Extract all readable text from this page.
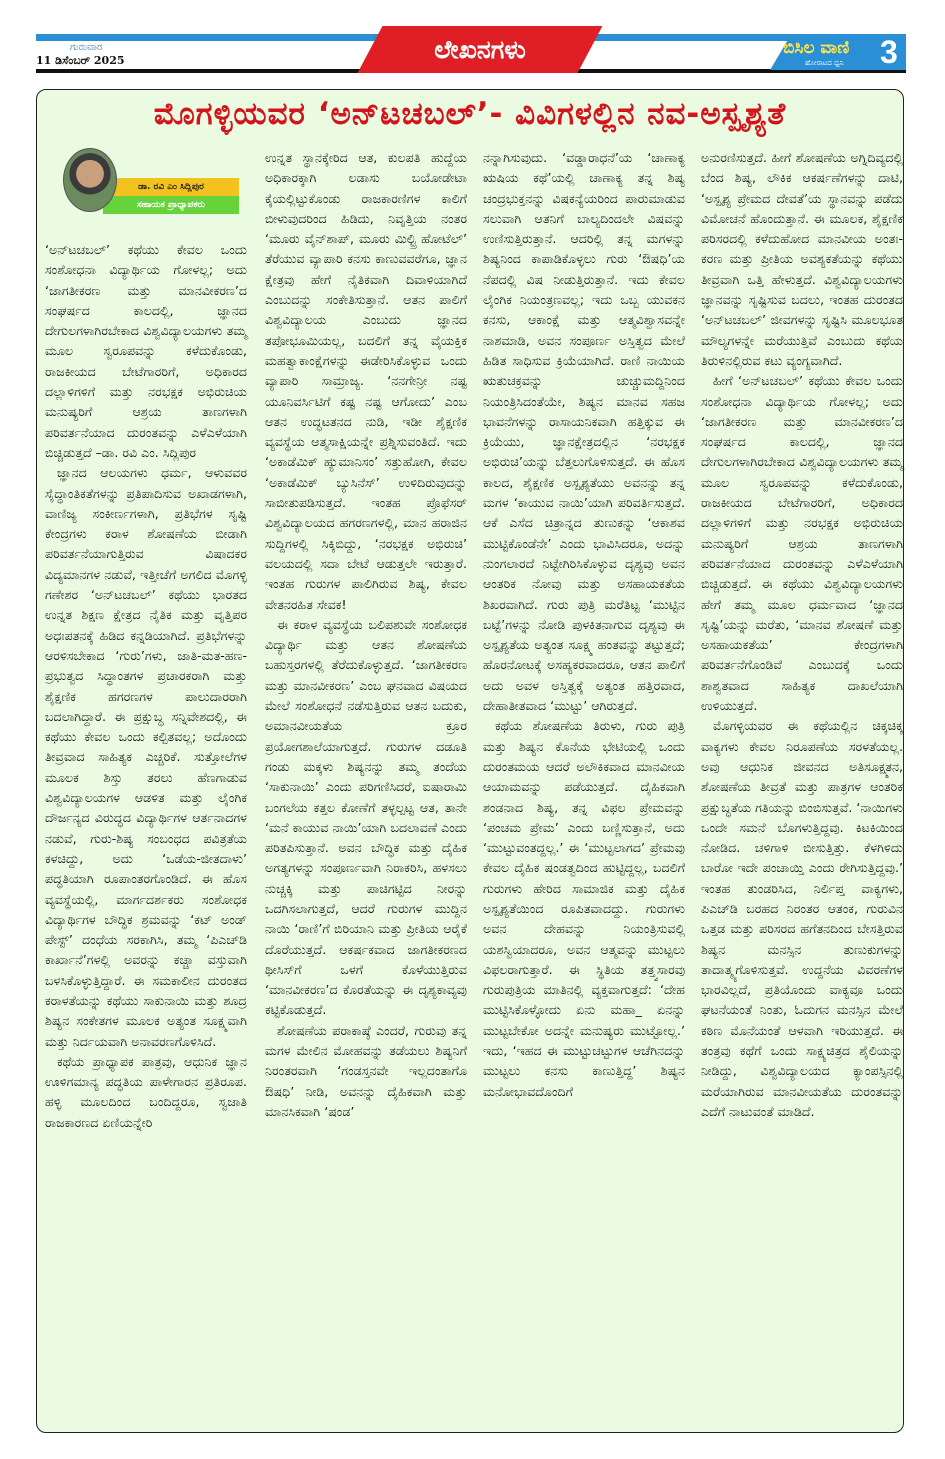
ಗುರುವಾರ
11 ಡಿಸೆಂಬರ್ 2025	ಲೇಖನಗಳು	ಬಿಸಿಲ ವಾಣಿ
ಹೋರಾಟದ ಧ್ವನಿ 3
ಮೊಗಳ್ಳಿಯವರ ‘ಅನ್‌ಟಚಬಲ್’- ವಿವಿಗಳಲ್ಲಿನ ನವ-ಅಸ್ಪೃಶ್ಯತೆ
ಡಾ. ರವಿ ಎಂ ಸಿದ್ಲಿಪುರ
ಸಹಾಯಕ ಪ್ರಾಧ್ಯಾಪಕರು

‘ಅನ್‌ಟಚಬಲ್’ ಕಥೆಯು ಕೇವಲ ಒಂದು ಸಂಶೋಧನಾ ವಿದ್ಯಾರ್ಥಿಯ ಗೋಳಲ್ಲ; ಅದು ‘ಜಾಗತೀಕರಣ ಮತ್ತು ಮಾನವೀಕರಣ’ದ ಸಂಘರ್ಷದ ಕಾಲದಲ್ಲಿ, ಜ್ಞಾನದ ದೇಗುಲಗಳಾಗಿರಬೇಕಾದ ವಿಶ್ವವಿದ್ಯಾಲಯಗಳು ತಮ್ಮ ಮೂಲ ಸ್ವರೂಪವನ್ನು ಕಳೆದುಕೊಂಡು, ರಾಜಕೀಯದ ಬೇಟೆಗಾರರಿಗೆ, ಅಧಿಕಾರದ ದಲ್ಲಾಳಿಗಳಿಗೆ ಮತ್ತು ನರಭಕ್ಷಕ ಅಭಿರುಚಿಯ ಮನುಷ್ಯರಿಗೆ ಆಶ್ರಯ ತಾಣಗಳಾಗಿ ಪರಿವರ್ತನೆಯಾದ ದುರಂತವನ್ನು ಎಳೆಎಳೆಯಾಗಿ ಬಿಚ್ಚಿಡುತ್ತದೆ –ಡಾ. ರವಿ ಎಂ. ಸಿದ್ಲಿಪುರ

ಜ್ಞಾನದ ಆಲಯಗಳು ಧರ್ಮ, ಆಳುವವರ ಸೈದ್ಧಾಂತಿಕತೆಗಳನ್ನು ಪ್ರತಿಪಾದಿಸುವ ಅಖಾಡಗಳಾಗಿ, ವಾಣಿಜ್ಯ ಸಂಕೀರ್ಣಗಳಾಗಿ, ಪ್ರತಿಭೆಗಳ ಸೃಷ್ಟಿ ಕೇಂದ್ರಗಳು ಕರಾಳ ಶೋಷಣೆಯ ಬೀಡಾಗಿ ಪರಿವರ್ತನೆಯಾಗುತ್ತಿರುವ ವಿಷಾದಕರ ವಿದ್ಯಮಾನಗಳ ನಡುವೆ, ಇತ್ತೀಚೆಗೆ ಅಗಲಿದ ಮೊಗಳ್ಳಿ ಗಣೇಶರ ‘ಅನ್‌ಟಚಬಲ್’ ಕಥೆಯು ಭಾರತದ ಉನ್ನತ ಶಿಕ್ಷಣ ಕ್ಷೇತ್ರದ ನೈತಿಕ ಮತ್ತು ವೃತ್ತಿಪರ ಅಧಃಪತನಕ್ಕೆ ಹಿಡಿದ ಕನ್ನಡಿಯಾಗಿದೆ. ಪ್ರತಿಭೆಗಳನ್ನು ಆರಳಿಸಬೇಕಾದ ‘ಗುರು’ಗಳು, ಜಾತಿ-ಮತ-ಹಣ-ಪ್ರಭುತ್ವದ ಸಿದ್ಧಾಂತಗಳ ಪ್ರಚಾರಕರಾಗಿ ಮತ್ತು ಶೈಕ್ಷಣಿಕ ಹಗರಣಗಳ ಪಾಲುದಾರರಾಗಿ ಬದಲಾಗಿದ್ದಾರೆ. ಈ ಪ್ರಕ್ಷುಬ್ಧ ಸನ್ನಿವೇಶದಲ್ಲಿ, ಈ ಕಥೆಯು ಕೇವಲ ಒಂದು ಕಲ್ಪಿತವಲ್ಲ; ಅದೊಂದು ತೀವ್ರವಾದ ಸಾಹಿತ್ಯಕ ಎಚ್ಚರಿಕೆ. ಸುತ್ತೋಲೆಗಳ ಮೂಲಕ ಶಿಸ್ತು ತರಲು ಹೆಣಗಾಡುವ ವಿಶ್ವವಿದ್ಯಾಲಯಗಳ ಆಡಳಿತ ಮತ್ತು ಲೈಂಗಿಕ ದೌರ್ಜನ್ಯದ ವಿರುದ್ಧದ ವಿದ್ಯಾರ್ಥಿಗಳ ಆರ್ತನಾದಗಳ ನಡುವೆ, ಗುರು-ಶಿಷ್ಯ ಸಂಬಂಧದ ಪವಿತ್ರತೆಯ ಕಳಚಿದ್ದು, ಅದು ‘ಒಡೆಯ-ಜೀತದಾಳು’ ಪದ್ಧತಿಯಾಗಿ ರೂಪಾಂತರಗೊಂಡಿದೆ. ಈ ಹೊಸ ವ್ಯವಸ್ಥೆಯಲ್ಲಿ, ಮಾರ್ಗದರ್ಶಕರು ಸಂಶೋಧಕ ವಿದ್ಯಾರ್ಥಿಗಳ ಬೌದ್ಧಿಕ ಶ್ರಮವನ್ನು ‘ಕಟ್ ಅಂಡ್ ಪೇಸ್ಟ್’ ದಂಧೆಯ ಸರಕಾಗಿಸಿ, ತಮ್ಮ ‘ಪಿಎಚ್‌ಡಿ ಕಾರ್ಖಾನೆ’ಗಳಲ್ಲಿ ಅವರನ್ನು ಕಚ್ಚಾ ವಸ್ತುವಾಗಿ ಬಳಸಿಕೊಳ್ಳುತ್ತಿದ್ದಾರೆ. ಈ ಸಮಕಾಲೀನ ದುರಂತದ ಕರಾಳತೆಯನ್ನು ಕಥೆಯು ಸಾಕುನಾಯಿ ಮತ್ತು ಶೂದ್ರ ಶಿಷ್ಯನ ಸಂಕೇತಗಳ ಮೂಲಕ ಅತ್ಯಂತ ಸೂಕ್ಷ್ಮವಾಗಿ ಮತ್ತು ನಿರ್ದಯವಾಗಿ ಅನಾವರಣಗೊಳಿಸಿದೆ.

ಕಥೆಯ ಪ್ರಾಧ್ಯಾಪಕ ಪಾತ್ರವು, ಆಧುನಿಕ ಜ್ಞಾನ ಊಳಿಗಮಾನ್ಯ ಪದ್ಧತಿಯ ಪಾಳೇಗಾರನ ಪ್ರತಿರೂಪ. ಹಳ್ಳಿ ಮೂಲದಿಂದ ಬಂದಿದ್ದರೂ, ಸ್ವಜಾತಿ ರಾಜಕಾರಣದ ಏಣಿಯನ್ನೇರಿ

ಉನ್ನತ ಸ್ಥಾನಕ್ಕೇರಿದ ಆತ, ಕುಲಪತಿ ಹುದ್ದೆಯ ಅಧಿಕಾರಕ್ಕಾಗಿ ಲಡಾಸು ಬಯೋಡೇಟಾ ಕೈಯಲ್ಲಿಟ್ಟುಕೊಂಡು ರಾಜಕಾರಣಿಗಳ ಕಾಲಿಗೆ ಬೀಳುವುದರಿಂದ ಹಿಡಿದು, ನಿವೃತ್ತಿಯ ನಂತರ ‘ಮೂರು ವೈನ್‌ಶಾಪ್, ಮೂರು ಮಿಲ್ಟ್ರಿ ಹೋಟೆಲ್’ ತೆರೆಯುವ ವ್ಯಾಪಾರಿ ಕನಸು ಕಾಣುವವರೆಗೂ, ಜ್ಞಾನ ಕ್ಷೇತ್ರವು ಹೇಗೆ ನೈತಿಕವಾಗಿ ದಿವಾಳಿಯಾಗಿದೆ ಎಂಬುದನ್ನು ಸಂಕೇತಿಸುತ್ತಾನೆ. ಆತನ ಪಾಲಿಗೆ ವಿಶ್ವವಿದ್ಯಾಲಯ ಎಂಬುದು ಜ್ಞಾನದ ತಪೋಭೂಮಿಯಲ್ಲ, ಬದಲಿಗೆ ತನ್ನ ವೈಯಕ್ತಿಕ ಮಹತ್ವಾಕಾಂಕ್ಷೆಗಳನ್ನು ಈಡೇರಿಸಿಕೊಳ್ಳುವ ಒಂದು ವ್ಯಾಪಾರಿ ಸಾಮ್ರಾಜ್ಯ. ‘ನನಗೇನ್ರೀ ನಷ್ಟ ಯೂನಿವರ್ಸಿಟಿಗೆ ಕಷ್ಟ ನಷ್ಟ ಆಗೋದು’ ಎಂಬ ಆತನ ಉದ್ಧಟತನದ ನುಡಿ, ಇಡೀ ಶೈಕ್ಷಣಿಕ ವ್ಯವಸ್ಥೆಯ ಆತ್ಮಸಾಕ್ಷಿಯನ್ನೇ ಪ್ರಶ್ನಿಸುವಂತಿದೆ. ಇದು ‘ಅಕಾಡೆಮಿಕ್ ಹ್ಯುಮಾನಿಸಂ’ ಸತ್ತುಹೋಗಿ, ಕೇವಲ ‘ಅಕಾಡೆಮಿಕ್ ಬ್ಯುಸಿನೆಸ್’ ಉಳಿದಿರುವುದನ್ನು ಸಾಬೀತುಪಡಿಸುತ್ತದೆ. ಇಂತಹ ಪ್ರೊಫೆಸರ್ ವಿಶ್ವವಿದ್ಯಾಲಯದ ಹಗರಣಗಳಲ್ಲಿ, ಮಾನ ಹರಾಜಿನ ಸುದ್ದಿಗಳಲ್ಲಿ ಸಿಕ್ಕಿಬಿದ್ದು, ‘ನರಭಕ್ಷಕ ಅಭಿರುಚಿ’ ವಲಯದಲ್ಲಿ ಸದಾ ಬೇಟೆ ಆಡುತ್ತಲೇ ಇರುತ್ತಾರೆ. ಇಂತಹ ಗುರುಗಳ ಪಾಲಿಗಿರುವ ಶಿಷ್ಯ, ಕೇವಲ ವೇತನರಹಿತ ಸೇವಕ!

ಈ ಕರಾಳ ವ್ಯವಸ್ಥೆಯ ಬಲಿಪಶುವೇ ಸಂಶೋಧಕ ವಿದ್ಯಾರ್ಥಿ ಮತ್ತು ಆತನ ಶೋಷಣೆಯ ಬಹುಸ್ತರಗಳಲ್ಲಿ ತೆರೆದುಕೊಳ್ಳುತ್ತದೆ. ‘ಜಾಗತೀಕರಣ ಮತ್ತು ಮಾನವೀಕರಣ’ ಎಂಬ ಘನವಾದ ವಿಷಯದ ಮೇಲೆ ಸಂಶೋಧನೆ ನಡೆಸುತ್ತಿರುವ ಆತನ ಬದುಕು, ಅಮಾನವೀಯತೆಯ ಕ್ರೂರ ಪ್ರಯೋಗಶಾಲೆಯಾಗುತ್ತದೆ. ಗುರುಗಳ ದಡೂತಿ ಗಂಡು ಮಕ್ಕಳು ಶಿಷ್ಯನನ್ನು ತಮ್ಮ ತಂದೆಯ ‘ಸಾಕುನಾಯಿ’ ಎಂದು ಪರಿಗಣಿಸಿದರೆ, ಐಷಾರಾಮಿ ಬಂಗಲೆಯ ಕತ್ತಲ ಕೋಣೆಗೆ ತಳ್ಳಲ್ಪಟ್ಟ ಆತ, ತಾನೇ ‘ಮನೆ ಕಾಯುವ ನಾಯಿ’ಯಾಗಿ ಬದಲಾವಣೆ ಎಂದು ಪರಿತಪಿಸುತ್ತಾನೆ. ಅವನ ಬೌದ್ಧಿಕ ಮತ್ತು ದೈಹಿಕ ಅಗತ್ಯಗಳನ್ನು ಸಂಪೂರ್ಣವಾಗಿ ನಿರಾಕರಿಸಿ, ಹಳಸಲು ನುಚ್ಚಕ್ಕಿ ಮತ್ತು ಪಾಚಿಗಟ್ಟಿದ ನೀರನ್ನು ಒದಗಿಸಲಾಗುತ್ತದೆ, ಆದರೆ ಗುರುಗಳ ಮುದ್ದಿನ ನಾಯಿ ‘ರಾಣಿ’ಗೆ ಬಿರಿಯಾನಿ ಮತ್ತು ಪ್ರೀತಿಯ ಆರೈಕೆ ದೊರೆಯುತ್ತದೆ. ಆಕರ್ಷಕವಾದ ಜಾಗತೀಕರಣದ ಥೀಸಿಸ್‌ಗೆ ಒಳಗೆ ಕೊಳೆಯುತ್ತಿರುವ ‘ಮಾನವೀಕರಣ’ದ ಕೊರತೆಯನ್ನು ಈ ದೃಶ್ಯಕಾವ್ಯವು ಕಟ್ಟಿಕೊಡುತ್ತದೆ.

ಶೋಷಣೆಯ ಪರಾಕಾಷ್ಠೆ ಎಂದರೆ, ಗುರುವು ತನ್ನ ಮಗಳ ಮೇಲಿನ ಮೋಹವನ್ನು ತಡೆಯಲು ಶಿಷ್ಯನಿಗೆ ನಿರಂತರವಾಗಿ ‘ಗಂಡಸ್ತನವೇ ಇಲ್ಲದಂತಾಗೊ ಔಷಧಿ’ ನೀಡಿ, ಅವನನ್ನು ದೈಹಿಕವಾಗಿ ಮತ್ತು ಮಾನಸಿಕವಾಗಿ ‘ಷಂಡ’

ನನ್ನಾಗಿಸುವುದು. ‘ವಡ್ಡಾರಾಧನೆ’ಯ ‘ಚಾಣಾಕ್ಯ ಋಷಿಯ ಕಥೆ’ಯಲ್ಲಿ ಚಾಣಾಕ್ಯ ತನ್ನ ಶಿಷ್ಯ ಚಂದ್ರಭುಕ್ತನನ್ನು ವಿಷಕನ್ಯೆಯರಿಂದ ಪಾರುಮಾಡುವ ಸಲುವಾಗಿ ಆತನಿಗೆ ಬಾಲ್ಯದಿಂದಲೇ ವಿಷವನ್ನು ಉಣಿಸುತ್ತಿರುತ್ತಾನೆ. ಆದರಿಲ್ಲಿ ತನ್ನ ಮಗಳನ್ನು ಶಿಷ್ಯನಿಂದ ಕಾಪಾಡಿಕೊಳ್ಳಲು ಗುರು ‘ಔಷಧಿ’ಯ ನೆಪದಲ್ಲಿ ವಿಷ ನೀಡುತ್ತಿರುತ್ತಾನೆ. ಇದು ಕೇವಲ ಲೈಂಗಿಕ ನಿಯಂತ್ರಣವಲ್ಲ; ಇದು ಒಬ್ಬ ಯುವಕನ ಕನಸು, ಆಕಾಂಕ್ಷೆ ಮತ್ತು ಆತ್ಮವಿಶ್ವಾಸವನ್ನೇ ನಾಶಮಾಡಿ, ಅವನ ಸಂಪೂರ್ಣ ಅಸ್ತಿತ್ವದ ಮೇಲೆ ಹಿಡಿತ ಸಾಧಿಸುವ ಕ್ರಿಯೆಯಾಗಿದೆ. ರಾಣಿ ನಾಯಿಯ ಋತುಚಕ್ರವನ್ನು ಚುಚ್ಚುಮದ್ದಿನಿಂದ ನಿಯಂತ್ರಿಸಿದಂತೆಯೇ, ಶಿಷ್ಯನ ಮಾನವ ಸಹಜ ಭಾವನೆಗಳನ್ನು ರಾಸಾಯನಿಕವಾಗಿ ಹತ್ತಿಕ್ಕುವ ಈ ಕ್ರಿಯೆಯು, ಜ್ಞಾನಕ್ಷೇತ್ರದಲ್ಲಿನ ‘ನರಭಕ್ಷಕ ಅಭಿರುಚಿ’ಯನ್ನು ಬೆತ್ತಲುಗೊಳಿಸುತ್ತದೆ. ಈ ಹೊಸ ಕಾಲದ, ಶೈಕ್ಷಣಿಕ ಅಸ್ಪೃಶ್ಯತೆಯು ಅವನನ್ನು ತನ್ನ ಮಗಳ ‘ಕಾಯುವ ನಾಯಿ’ಯಾಗಿ ಪರಿವರ್ತಿಸುತ್ತದೆ. ಆಕೆ ಎಸೆದ ಚಿತ್ರಾನ್ನದ ತುಣುಕನ್ನು ‘ಆಕಾಶವ ಮುಟ್ಟಿಕೊಂಡೆನೇ’ ಎಂದು ಭಾವಿಸಿದರೂ, ಅದನ್ನು ನುಂಗಲಾರದೆ ನಿಟ್ಟೇಗಿರಿಸಿಕೊಳ್ಳುವ ದೃಶ್ಯವು ಅವನ ಆಂತರಿಕ ನೋವು ಮತ್ತು ಅಸಹಾಯಕತೆಯ ಶಿಖರವಾಗಿದೆ. ಗುರು ಪುತ್ರಿ ಮರೆತಿಟ್ಟ ‘ಮುಟ್ಟಿನ ಬಟ್ಟೆ’ಗಳನ್ನು ನೋಡಿ ಪುಳಕಿತನಾಗುವ ದೃಶ್ಯವು ಈ ಅಸ್ಪೃಶ್ಯತೆಯ ಅತ್ಯಂತ ಸೂಕ್ಷ್ಮ ಹಂತವನ್ನು ತಟ್ಟುತ್ತದೆ; ಹೊರನೋಟಕ್ಕೆ ಅಸಹ್ಯಕರವಾದರೂ, ಆತನ ಪಾಲಿಗೆ ಅದು ಅವಳ ಅಸ್ತಿತ್ವಕ್ಕೆ ಅತ್ಯಂತ ಹತ್ತಿರವಾದ, ದೇಹಾತೀತವಾದ ‘ಮುಟ್ಟು’ ಆಗಿರುತ್ತದೆ.

ಕಥೆಯ ಶೋಷಣೆಯ ತಿರುಳು, ಗುರು ಪುತ್ರಿ ಮತ್ತು ಶಿಷ್ಯನ ಕೊನೆಯ ಭೇಟಿಯಲ್ಲಿ ಒಂದು ದುರಂತಮಯ ಆದರೆ ಅಲೌಕಿಕವಾದ ಮಾನವೀಯ ಆಯಾಮವನ್ನು ಪಡೆಯುತ್ತದೆ. ದೈಹಿಕವಾಗಿ ಶಂಡನಾದ ಶಿಷ್ಯ, ತನ್ನ ವಿಫಲ ಪ್ರೇಮವನ್ನು ‘ಪಂಚಮ ಪ್ರೇಮ’ ಎಂದು ಬಣ್ಣಿಸುತ್ತಾನೆ, ಅದು ‘ಮುಟ್ಟುವಂತದ್ದಲ್ಲ.’ ಈ ‘ಮುಟ್ಟಲಾಗದ’ ಪ್ರೇಮವು ಕೇವಲ ದೈಹಿಕ ಷಂಡತ್ವದಿಂದ ಹುಟ್ಟಿದ್ದಲ್ಲ, ಬದಲಿಗೆ ಗುರುಗಳು ಹೇರಿದ ಸಾಮಾಜಿಕ ಮತ್ತು ದೈಹಿಕ ಅಸ್ಪೃಶ್ಯತೆಯಿಂದ ರೂಪಿತವಾದದ್ದು. ಗುರುಗಳು ಅವನ ದೇಹವನ್ನು ನಿಯಂತ್ರಿಸುವಲ್ಲಿ ಯಶಸ್ವಿಯಾದರೂ, ಅವನ ಆತ್ಮವನ್ನು ಮುಟ್ಟಲು ವಿಫಲರಾಗುತ್ತಾರೆ. ಈ ಸ್ಥಿತಿಯ ತತ್ತ್ವಸಾರವು ಗುರುಪುತ್ರಿಯ ಮಾತಿನಲ್ಲಿ ವ್ಯಕ್ತವಾಗುತ್ತದೆ: ‘ದೇಹ ಮುಟ್ಟಿಸಿಕೊಳ್ಳೋದು ಏನು ಮಹಾ_ ಏನನ್ನು ಮುಟ್ಟಬೇಕೋ ಅದನ್ನೇ ಮನುಷ್ಯರು ಮುಟ್ಟೋಲ್ಲ.’ ಇದು, ‘ಇಹದ ಈ ಮುಟ್ಟುಚಟ್ಟುಗಳ ಆಚೆಗಿನದನ್ನು ಮುಟ್ಟಲು ಕನಸು ಕಾಣುತ್ತಿದ್ದ’ ಶಿಷ್ಯನ ಮನೋಭಾವದೊಂದಿಗೆ

ಅನುರಣಿಸುತ್ತದೆ. ಹೀಗೆ ಶೋಷಣೆಯ ಅಗ್ನಿದಿವ್ಯದಲ್ಲಿ ಬೆಂದ ಶಿಷ್ಯ, ಲೌಕಿಕ ಆಕರ್ಷಣೆಗಳನ್ನು ದಾಟಿ, ‘ಅಸ್ಪೃಶ್ಯ ಪ್ರೇಮದ ದೇವತೆ’ಯ ಸ್ಥಾನವನ್ನು ಪಡೆದು ವಿಮೋಚನೆ ಹೊಂದುತ್ತಾನೆ. ಈ ಮೂಲಕ, ಶೈಕ್ಷಣಿಕ ಪರಿಸರದಲ್ಲಿ ಕಳೆದುಹೋದ ಮಾನವೀಯ ಅಂತಃ-ಕರಣ ಮತ್ತು ಪ್ರೀತಿಯ ಅವಶ್ಯಕತೆಯನ್ನು ಕಥೆಯು ತೀವ್ರವಾಗಿ ಒತ್ತಿ ಹೇಳುತ್ತದೆ. ವಿಶ್ವವಿದ್ಯಾಲಯಗಳು ಜ್ಞಾನವನ್ನು ಸೃಷ್ಟಿಸುವ ಬದಲು, ಇಂತಹ ದುರಂತದ ‘ಅನ್‌ಟಚಬಲ್’ ಜೀವಗಳನ್ನು ಸೃಷ್ಟಿಸಿ ಮೂಲಭೂತ ಮೌಲ್ಯಗಳನ್ನೇ ಮರೆಯುತ್ತಿವೆ ಎಂಬುದು ಕಥೆಯ ತಿರುಳಿನಲ್ಲಿರುವ ಕಟು ವ್ಯಂಗ್ಯವಾಗಿದೆ.

ಹೀಗೆ ‘ಅನ್‌ಟಚಬಲ್’ ಕಥೆಯು ಕೇವಲ ಒಂದು ಸಂಶೋಧನಾ ವಿದ್ಯಾರ್ಥಿಯ ಗೋಳಲ್ಲ; ಅದು ‘ಜಾಗತೀಕರಣ ಮತ್ತು ಮಾನವೀಕರಣ’ದ ಸಂಘರ್ಷದ ಕಾಲದಲ್ಲಿ, ಜ್ಞಾನದ ದೇಗುಲಗಳಾಗಿರಬೇಕಾದ ವಿಶ್ವವಿದ್ಯಾಲಯಗಳು ತಮ್ಮ ಮೂಲ ಸ್ವರೂಪವನ್ನು ಕಳೆದುಕೊಂಡು, ರಾಜಕೀಯದ ಬೇಟೆಗಾರರಿಗೆ, ಅಧಿಕಾರದ ದಲ್ಲಾಳಿಗಳಿಗೆ ಮತ್ತು ನರಭಕ್ಷಕ ಅಭಿರುಚಿಯ ಮನುಷ್ಯರಿಗೆ ಆಶ್ರಯ ತಾಣಗಳಾಗಿ ಪರಿವರ್ತನೆಯಾದ ದುರಂತವನ್ನು ಎಳೆಎಳೆಯಾಗಿ ಬಿಚ್ಚಿಡುತ್ತದೆ. ಈ ಕಥೆಯು ವಿಶ್ವವಿದ್ಯಾಲಯಗಳು ಹೇಗೆ ತಮ್ಮ ಮೂಲ ಧರ್ಮವಾದ ‘ಜ್ಞಾನದ ಸೃಷ್ಟಿ’ಯನ್ನು ಮರೆತು, ‘ಮಾನವ ಶೋಷಣೆ ಮತ್ತು ಅಸಹಾಯಕತೆಯ’ ಕೇಂದ್ರಗಳಾಗಿ ಪರಿವರ್ತನೆಗೊಂಡಿವೆ ಎಂಬುದಕ್ಕೆ ಒಂದು ಶಾಶ್ವತವಾದ ಸಾಹಿತ್ಯಕ ದಾಖಲೆಯಾಗಿ ಉಳಿಯುತ್ತದೆ.

ಮೊಗಳ್ಳಿಯವರ ಈ ಕಥೆಯಲ್ಲಿನ ಚಿಕ್ಕಚಿಕ್ಕ ವಾಕ್ಯಗಳು ಕೇವಲ ನಿರೂಪಣೆಯ ಸರಳತೆಯಲ್ಲ. ಅವು ಆಧುನಿಕ ಜೀವನದ ಅತಿಸೂಕ್ಷ್ಮತನ, ಶೋಷಣೆಯ ತೀವ್ರತೆ ಮತ್ತು ಪಾತ್ರಗಳ ಆಂತರಿಕ ಪ್ರಕ್ಷುಬ್ಧತೆಯ ಗತಿಯನ್ನು ಬಿಂಬಿಸುತ್ತವೆ. ‘ನಾಯಿಗಳು ಒಂದೇ ಸಮನೆ ಬೊಗಳುತ್ತಿದ್ದವು. ಕಿಟಕಿಯಿಂದ ನೋಡಿದ. ಚಳಿಗಾಳಿ ಬೀಸುತ್ತಿತ್ತು. ಕೆಳಗಿಳಿದು ಬಾರೋ ಇದೇ ಪಂಚಾಯ್ತಿ ಎಂದು ರೇಗಿಸುತ್ತಿದ್ದವು.’ ಇಂತಹ ತುಂಡರಿಸಿದ, ನಿರ್ಲಿಪ್ತ ವಾಕ್ಯಗಳು, ಪಿಎಚ್‌ಡಿ ಬರಹದ ನಿರಂತರ ಆತಂಕ, ಗುರುವಿನ ಒತ್ತಡ ಮತ್ತು ಪರಿಸರದ ಹಗೆತನದಿಂದ ಬೇಸತ್ತಿರುವ ಶಿಷ್ಯನ ಮನಸ್ಸಿನ ತುಣುಕುಗಳನ್ನು ತಾದಾತ್ಮ್ಯಗೊಳಿಸುತ್ತವೆ. ಉದ್ದನೆಯ ವಿವರಣೆಗಳ ಭಾರವಿಲ್ಲದೆ, ಪ್ರತಿಯೊಂದು ವಾಕ್ಯವೂ ಒಂದು ಘಟನೆಯಂತೆ ನಿಂತು, ಓದುಗನ ಮನಸ್ಸಿನ ಮೇಲೆ ಕಠಿಣ ಮೊನೆಯಂತೆ ಆಳವಾಗಿ ಇರಿಯುತ್ತದೆ. ಈ ತಂತ್ರವು ಕಥೆಗೆ ಒಂದು ಸಾಕ್ಷ್ಯಚಿತ್ರದ ಶೈಲಿಯನ್ನು ನೀಡಿದ್ದು, ವಿಶ್ವವಿದ್ಯಾಲಯದ ಕ್ಯಾಂಪಸ್ಸಿನಲ್ಲಿ ಮರೆಯಾಗಿರುವ ಮಾನವೀಯತೆಯ ದುರಂತವನ್ನು ಎದೆಗೆ ನಾಟುವಂತೆ ಮಾಡಿದೆ.
